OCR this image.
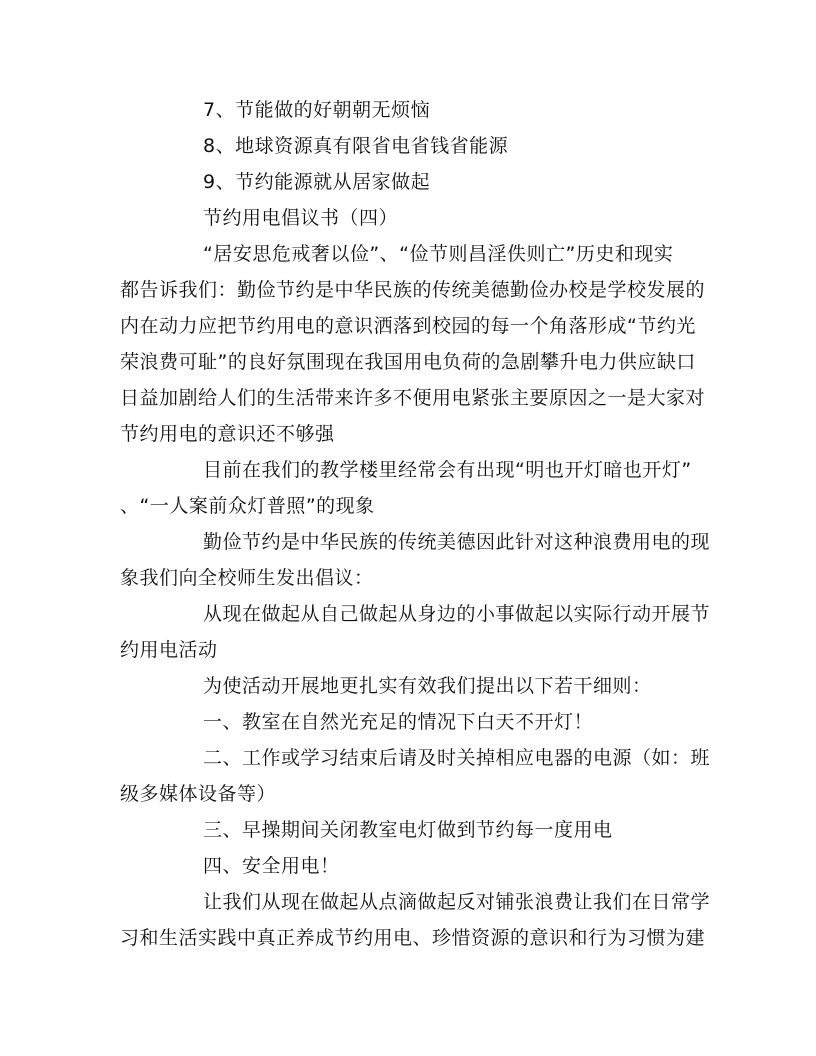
7、节能做的好朝朝无烦恼
8、地球资源真有限省电省钱省能源
9、节约能源就从居家做起
节约用电倡议书（四）
“居安思危戒奢以俭”、“俭节则昌淫佚则亡”历史和现实
都告诉我们：勤俭节约是中华民族的传统美德勤俭办校是学校发展的
内在动力应把节约用电的意识洒落到校园的每一个角落形成“节约光
荣浪费可耻”的良好氛围现在我国用电负荷的急剧攀升电力供应缺口
日益加剧给人们的生活带来许多不便用电紧张主要原因之一是大家对
节约用电的意识还不够强
目前在我们的教学楼里经常会有出现“明也开灯暗也开灯”
、“一人案前众灯普照”的现象
勤俭节约是中华民族的传统美德因此针对这种浪费用电的现
象我们向全校师生发出倡议：
从现在做起从自己做起从身边的小事做起以实际行动开展节
约用电活动
为使活动开展地更扎实有效我们提出以下若干细则：
一、教室在自然光充足的情况下白天不开灯！
二、工作或学习结束后请及时关掉相应电器的电源（如：班
级多媒体设备等）
三、早操期间关闭教室电灯做到节约每一度用电
四、安全用电！
让我们从现在做起从点滴做起反对铺张浪费让我们在日常学
习和生活实践中真正养成节约用电、珍惜资源的意识和行为习惯为建
